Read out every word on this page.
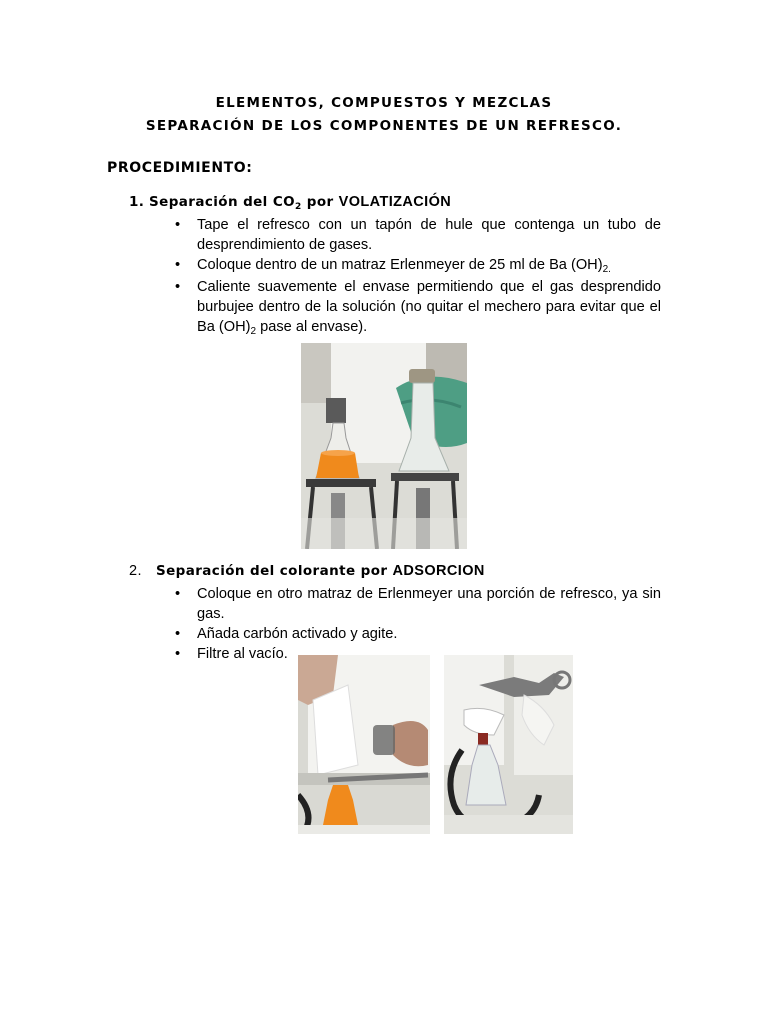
ELEMENTOS, COMPUESTOS Y MEZCLAS
SEPARACIÓN DE LOS COMPONENTES DE UN REFRESCO.
PROCEDIMIENTO:
1. Separación del $CO_2$ por VOLATIZACIÓN
• Tape el refresco con un tapón de hule que contenga un tubo de desprendimiento de gases.
• Coloque dentro de un matraz Erlenmeyer de 25 ml de Ba $(OH)_{2.}$
• Caliente suavemente el envase permitiendo que el gas desprendido burbujee dentro de la solución (no quitar el mechero para evitar que el Ba $(OH)_2$ pase al envase).
2. Separación del colorante por ADSORCION
• Coloque en otro matraz de Erlenmeyer una porción de refresco, ya sin gas.
• Añada carbón activado y agite.
• Filtre al vacío.
